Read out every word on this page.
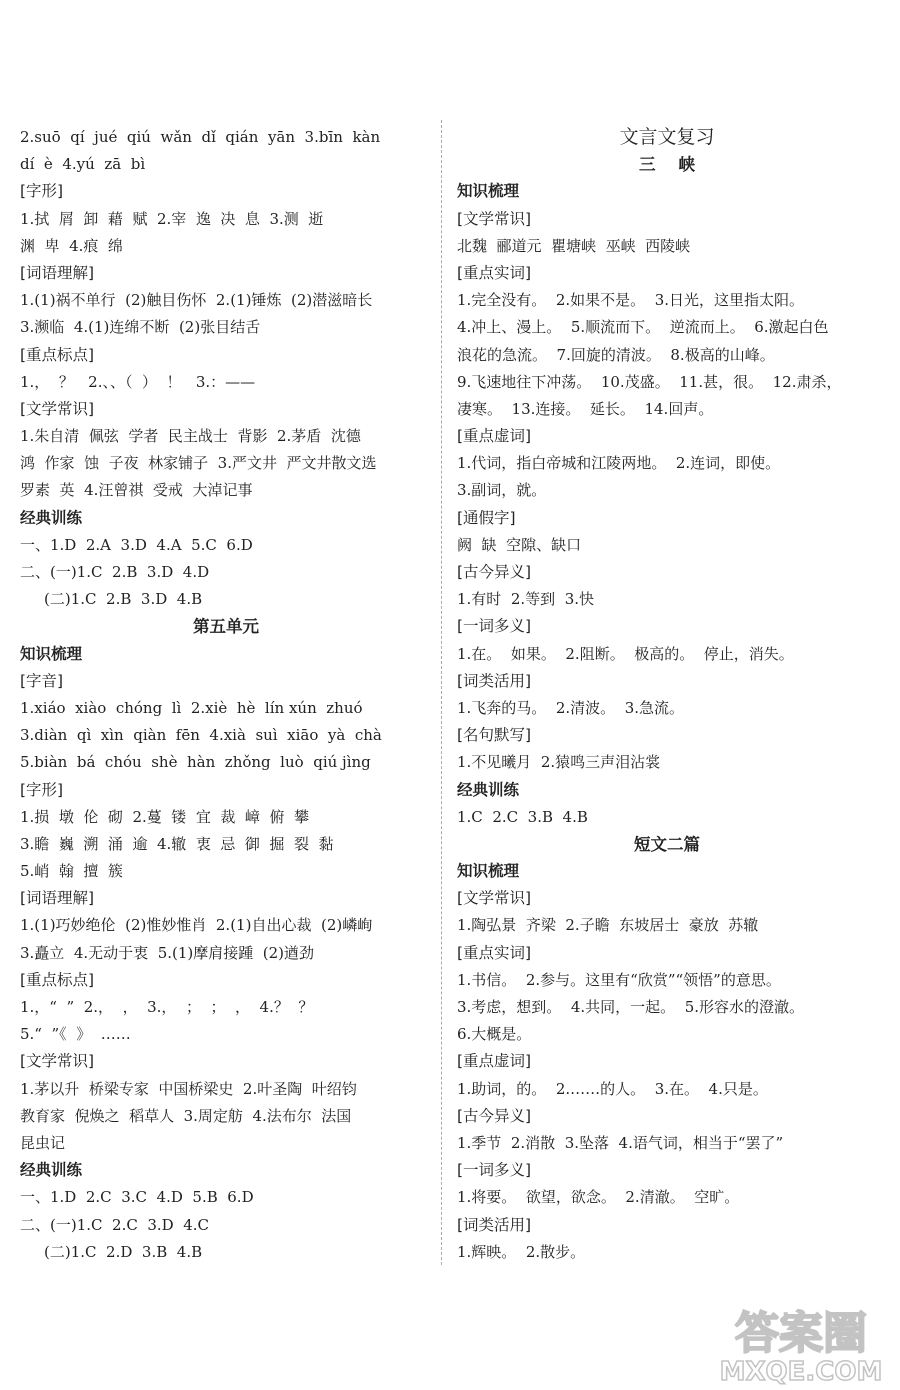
2.suō  qí  jué  qiú  wǎn  dǐ  qián  yān  3.bīn  kàn
dí  è  4.yú  zā  bì
[字形]
1.拭  屑  卸  藉  赋  2.宰  逸  决  息  3.测  逝
渊  卑  4.痕  绵
[词语理解]
1.(1)祸不单行  (2)触目伤怀  2.(1)锤炼  (2)潜滋暗长
3.濒临  4.(1)连绵不断  (2)张目结舌
[重点标点]
1.，  ？   2.、、（  ）  ！   3.：——
[文学常识]
1.朱自清  佩弦  学者  民主战士  背影  2.茅盾  沈德
鸿  作家  蚀  子夜  林家铺子  3.严文井  严文井散文选
罗素  英  4.汪曾祺  受戒  大淖记事
经典训练
一、1.D  2.A  3.D  4.A  5.C  6.D
二、(一)1.C  2.B  3.D  4.D
(二)1.C  2.B  3.D  4.B
第五单元
知识梳理
[字音]
1.xiáo  xiào  chóng  lì  2.xiè  hè  lín xún  zhuó
3.diàn  qì  xìn  qiàn  fēn  4.xià  suì  xiāo  yà  chà
5.biàn  bá  chóu  shè  hàn  zhǒng  luò  qiú jìng
[字形]
1.损  墩  伦  砌  2.蔓  镂  宜  裁  嶂  俯  攀
3.瞻  巍  溯  涌  逾  4.辙  衷  忌  御  掘  裂  黏
5.峭  翰  擅  簇
[词语理解]
1.(1)巧妙绝伦  (2)惟妙惟肖  2.(1)自出心裁  (2)嶙峋
3.矗立  4.无动于衷  5.(1)摩肩接踵  (2)遒劲
[重点标点]
1.，“  ”  2.，  ，  3.，  ；  ；  ，  4.？  ？
5.“  ”《  》  ……
[文学常识]
1.茅以升  桥梁专家  中国桥梁史  2.叶圣陶  叶绍钧
教育家  倪焕之  稻草人  3.周定舫  4.法布尔  法国
昆虫记
经典训练
一、1.D  2.C  3.C  4.D  5.B  6.D
二、(一)1.C  2.C  3.D  4.C
(二)1.C  2.D  3.B  4.B
文言文复习
三    峡
知识梳理
[文学常识]
北魏  郦道元  瞿塘峡  巫峡  西陵峡
[重点实词]
1.完全没有。  2.如果不是。  3.日光，这里指太阳。
4.冲上、漫上。  5.顺流而下。  逆流而上。  6.激起白色
浪花的急流。  7.回旋的清波。  8.极高的山峰。
9.飞速地往下冲荡。  10.茂盛。  11.甚，很。  12.肃杀，
凄寒。  13.连接。  延长。  14.回声。
[重点虚词]
1.代词，指白帝城和江陵两地。  2.连词，即使。
3.副词，就。
[通假字]
阙  缺  空隙、缺口
[古今异义]
1.有时  2.等到  3.快
[一词多义]
1.在。  如果。  2.阻断。  极高的。  停止，消失。
[词类活用]
1.飞奔的马。  2.清波。  3.急流。
[名句默写]
1.不见曦月  2.猿鸣三声泪沾裳
经典训练
1.C  2.C  3.B  4.B
短文二篇
知识梳理
[文学常识]
1.陶弘景  齐梁  2.子瞻  东坡居士  豪放  苏辙
[重点实词]
1.书信。  2.参与。这里有“欣赏”“领悟”的意思。
3.考虑，想到。  4.共同，一起。  5.形容水的澄澈。
6.大概是。
[重点虚词]
1.助词，的。  2.……的人。  3.在。  4.只是。
[古今异义]
1.季节  2.消散  3.坠落  4.语气词，相当于“罢了”
[一词多义]
1.将要。  欲望，欲念。  2.清澈。  空旷。
[词类活用]
1.辉映。  2.散步。
答案圈
MXQE.COM
